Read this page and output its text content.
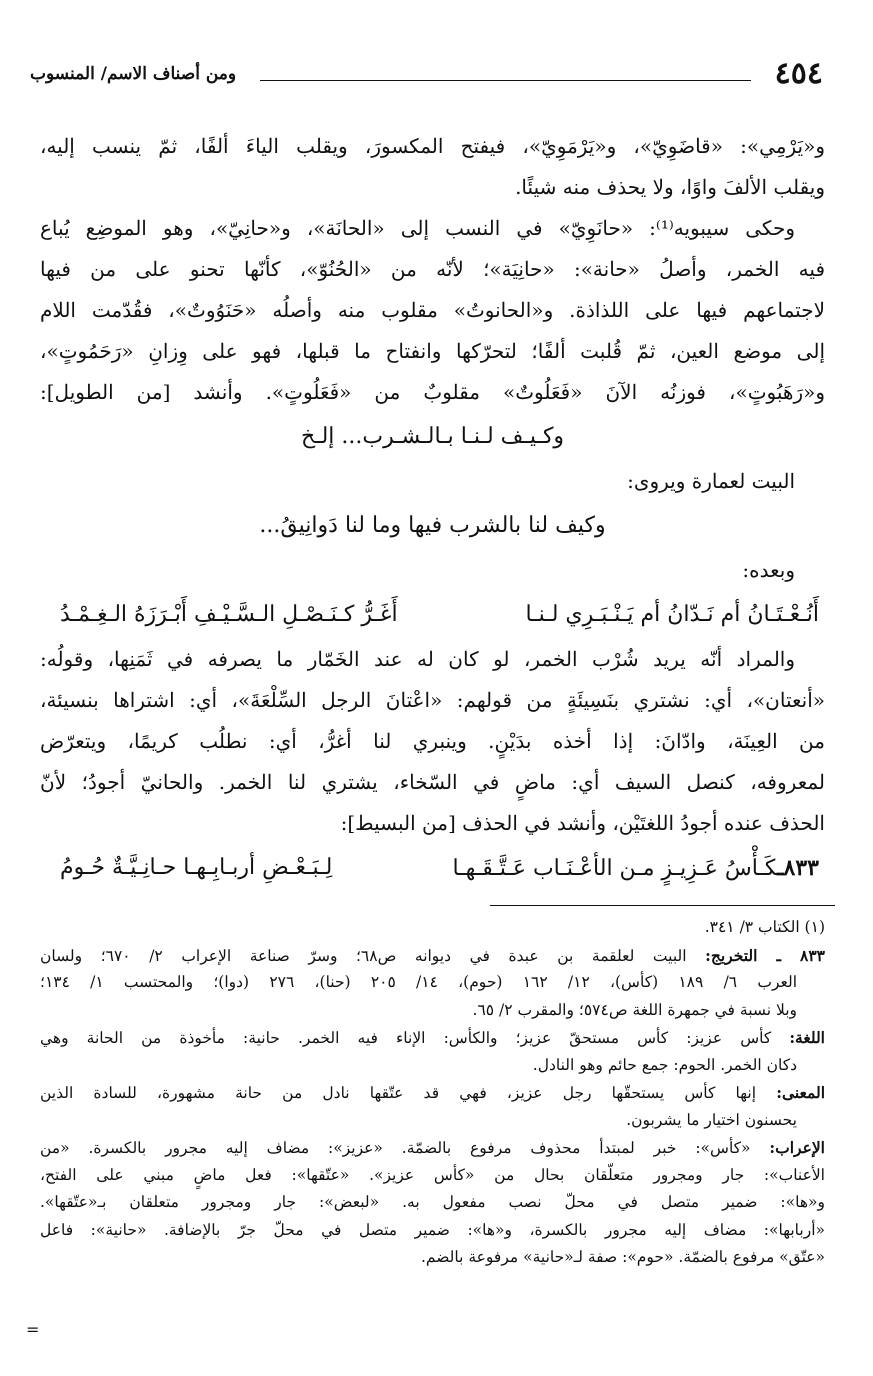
٤٥٤
ومن أصناف الاسم/ المنسوب
و«يَرْمِي»: «قاضَوِيّ»، و«يَرْمَوِيّ»، فيفتح المكسورَ، ويقلب الياءَ ألفًا، ثمّ ينسب إليه،
ويقلب الألفَ واوًا، ولا يحذف منه شيئًا.
وحكى سيبويه⁽¹⁾: «حانَوِيّ» في النسب إلى «الحانَة»، و«حانِيّ»، وهو الموضِع يُباع
فيه الخمر، وأصلُ «حانة»: «حانِيَة»؛ لأنّه من «الحُنُوّ»، كأنّها تحنو على من فيها
لاجتماعهم فيها على اللذاذة. و«الحانوتُ» مقلوب منه وأصلُه «حَنَوُوتٌ»، فقُدّمت اللام
إلى موضع العين، ثمّ قُلبت ألفًا؛ لتحرّكها وانفتاح ما قبلها، فهو على وِزانِ «رَحَمُوتٍ»،
و«رَهَبُوتٍ»، فوزنُه الآنَ «فَعَلُوتٌ» مقلوبٌ من «فَعَلُوتٍ». وأنشد [من الطويل]:
وكـيـف لـنـا بـالـشـرب... إلـخ
البيت لعمارة ويروى:
وكيف لنا بالشرب فيها وما لنا دَوانِيقُ...
وبعده:
أَنُـعْـتَـانُ أم نَـدّانُ أم يَـنْـبَـرِي لـنـا
أَغَـرُّ كـنَـصْـلِ الـسَّـيْـفِ أَبْـرَزَهُ الـغِـمْـدُ
والمراد أنّه يريد شُرْب الخمر، لو كان له عند الخَمّار ما يصرفه في ثَمَنِها، وقولُه:
«أنعتان»، أي: نشتري بنَسِيئَةٍ من قولهم: «اعْتانَ الرجل السِّلْعَةَ»، أي: اشتراها بنسيئة،
من العِينَة، وادّانَ: إذا أخذه بدَيْنٍ. وينبري لنا أغرُّ، أي: نطلُب كريمًا، ويتعرّض
لمعروفه، كنصل السيف أي: ماضٍ في السّخاء، يشتري لنا الخمر. والحانيّ أجودُ؛ لأنّ
الحذف عنده أجودُ اللغتَيْن، وأنشد في الحذف [من البسيط]:
٨٣٣ـكَـأْسُ عَـزِيـزٍ مـن الأعْـنَـاب عَـتَّـقَـهـا
لِـبَـعْـضِ أربـابِـهـا حـانِـيَّـةٌ حُـومُ
(١) الكتاب ٣/ ٣٤١.
٨٣٣ ـ التخريج: البيت لعلقمة بن عبدة في ديوانه ص٦٨؛ وسرّ صناعة الإعراب ٢/ ٦٧٠؛ ولسان
العرب ٦/ ١٨٩ (كأس)، ١٢/ ١٦٢ (حوم)، ١٤/ ٢٠٥ (حنا)، ٢٧٦ (دوا)؛ والمحتسب ١/ ١٣٤؛
وبلا نسبة في جمهرة اللغة ص٥٧٤؛ والمقرب ٢/ ٦٥.
اللغة: كأس عزيز: كأس مستحقّ عزيز؛ والكأس: الإناء فيه الخمر. حانية: مأخوذة من الحانة وهي
دكان الخمر. الحوم: جمع حائم وهو النادل.
المعنى: إنها كأس يستحقّها رجل عزيز، فهي قد عتّقها نادل من حانة مشهورة، للسادة الذين
يحسنون اختيار ما يشربون.
الإعراب: «كأس»: خبر لمبتدأ محذوف مرفوع بالضمّة. «عزيز»: مضاف إليه مجرور بالكسرة. «من
الأعناب»: جار ومجرور متعلّقان بحال من «كأس عزيز». «عتّقها»: فعل ماضٍ مبني على الفتح،
و«ها»: ضمير متصل في محلّ نصب مفعول به. «لبعض»: جار ومجرور متعلقان بـ«عتّقها».
«أربابها»: مضاف إليه مجرور بالكسرة، و«ها»: ضمير متصل في محلّ جرّ بالإضافة. «حانية»: فاعل
«عتّق» مرفوع بالضمّة. «حوم»: صفة لـ«حانية» مرفوعة بالضم.
=
